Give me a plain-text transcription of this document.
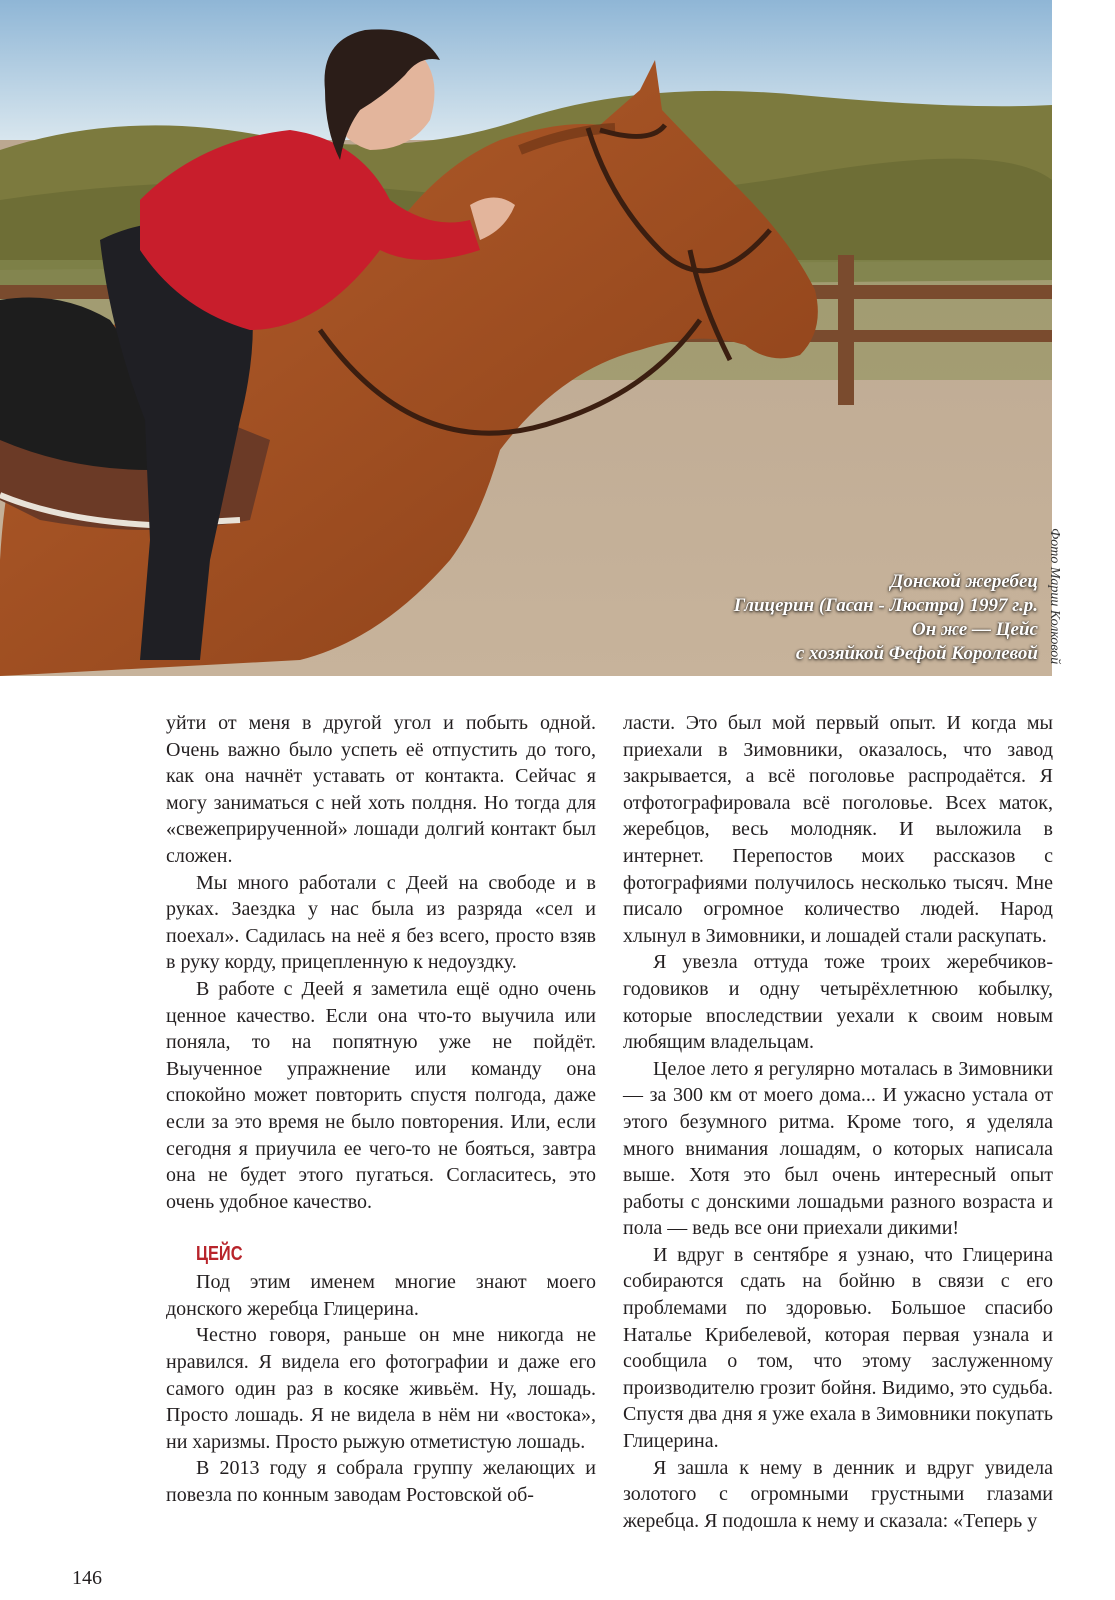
Донской жеребец
Глицерин (Гасан - Люстра) 1997 г.р.
Он же — Цейс
с хозяйкой Фефой Королевой Фото Марии Колковой

уйти от меня в другой угол и побыть одной. Очень важно было успеть её отпустить до того, как она начнёт уставать от контакта. Сейчас я могу заниматься с ней хоть полдня. Но тогда для «свежеприрученной» лошади долгий контакт был сложен.

Мы много работали с Деей на свободе и в руках. Заездка у нас была из разряда «сел и поехал». Садилась на неё я без всего, просто взяв в руку корду, прицепленную к недоуздку.

В работе с Деей я заметила ещё одно очень ценное качество. Если она что-то выучила или поняла, то на попятную уже не пойдёт. Выученное упражнение или команду она спокойно может повторить спустя полгода, даже если за это время не было повторения. Или, если сегодня я приучила ее чего-то не бояться, завтра она не будет этого пугаться. Согласитесь, это очень удобное качество.

ЦЕЙС

Под этим именем многие знают моего донского жеребца Глицерина.

Честно говоря, раньше он мне никогда не нравился. Я видела его фотографии и даже его самого один раз в косяке живьём. Ну, лошадь. Просто лошадь. Я не видела в нём ни «востока», ни харизмы. Просто рыжую отметистую лошадь.

В 2013 году я собрала группу желающих и повезла по конным заводам Ростовской об-

ласти. Это был мой первый опыт. И когда мы приехали в Зимовники, оказалось, что завод закрывается, а всё поголовье распродаётся. Я отфотографировала всё поголовье. Всех маток, жеребцов, весь молодняк. И выложила в интернет. Перепостов моих рассказов с фотографиями получилось несколько тысяч. Мне писало огромное количество людей. Народ хлынул в Зимовники, и лошадей стали раскупать.

Я увезла оттуда тоже троих жеребчиков-годовиков и одну четырёхлетнюю кобылку, которые впоследствии уехали к своим новым любящим владельцам.

Целое лето я регулярно моталась в Зимовники — за 300 км от моего дома... И ужасно устала от этого безумного ритма. Кроме того, я уделяла много внимания лошадям, о которых написала выше. Хотя это был очень интересный опыт работы с донскими лошадьми разного возраста и пола — ведь все они приехали дикими!

И вдруг в сентябре я узнаю, что Глицерина собираются сдать на бойню в связи с его проблемами по здоровью. Большое спасибо Наталье Крибелевой, которая первая узнала и сообщила о том, что этому заслуженному производителю грозит бойня. Видимо, это судьба. Спустя два дня я уже ехала в Зимовники покупать Глицерина.

Я зашла к нему в денник и вдруг увидела золотого с огромными грустными глазами жеребца. Я подошла к нему и сказала: «Теперь у

146
